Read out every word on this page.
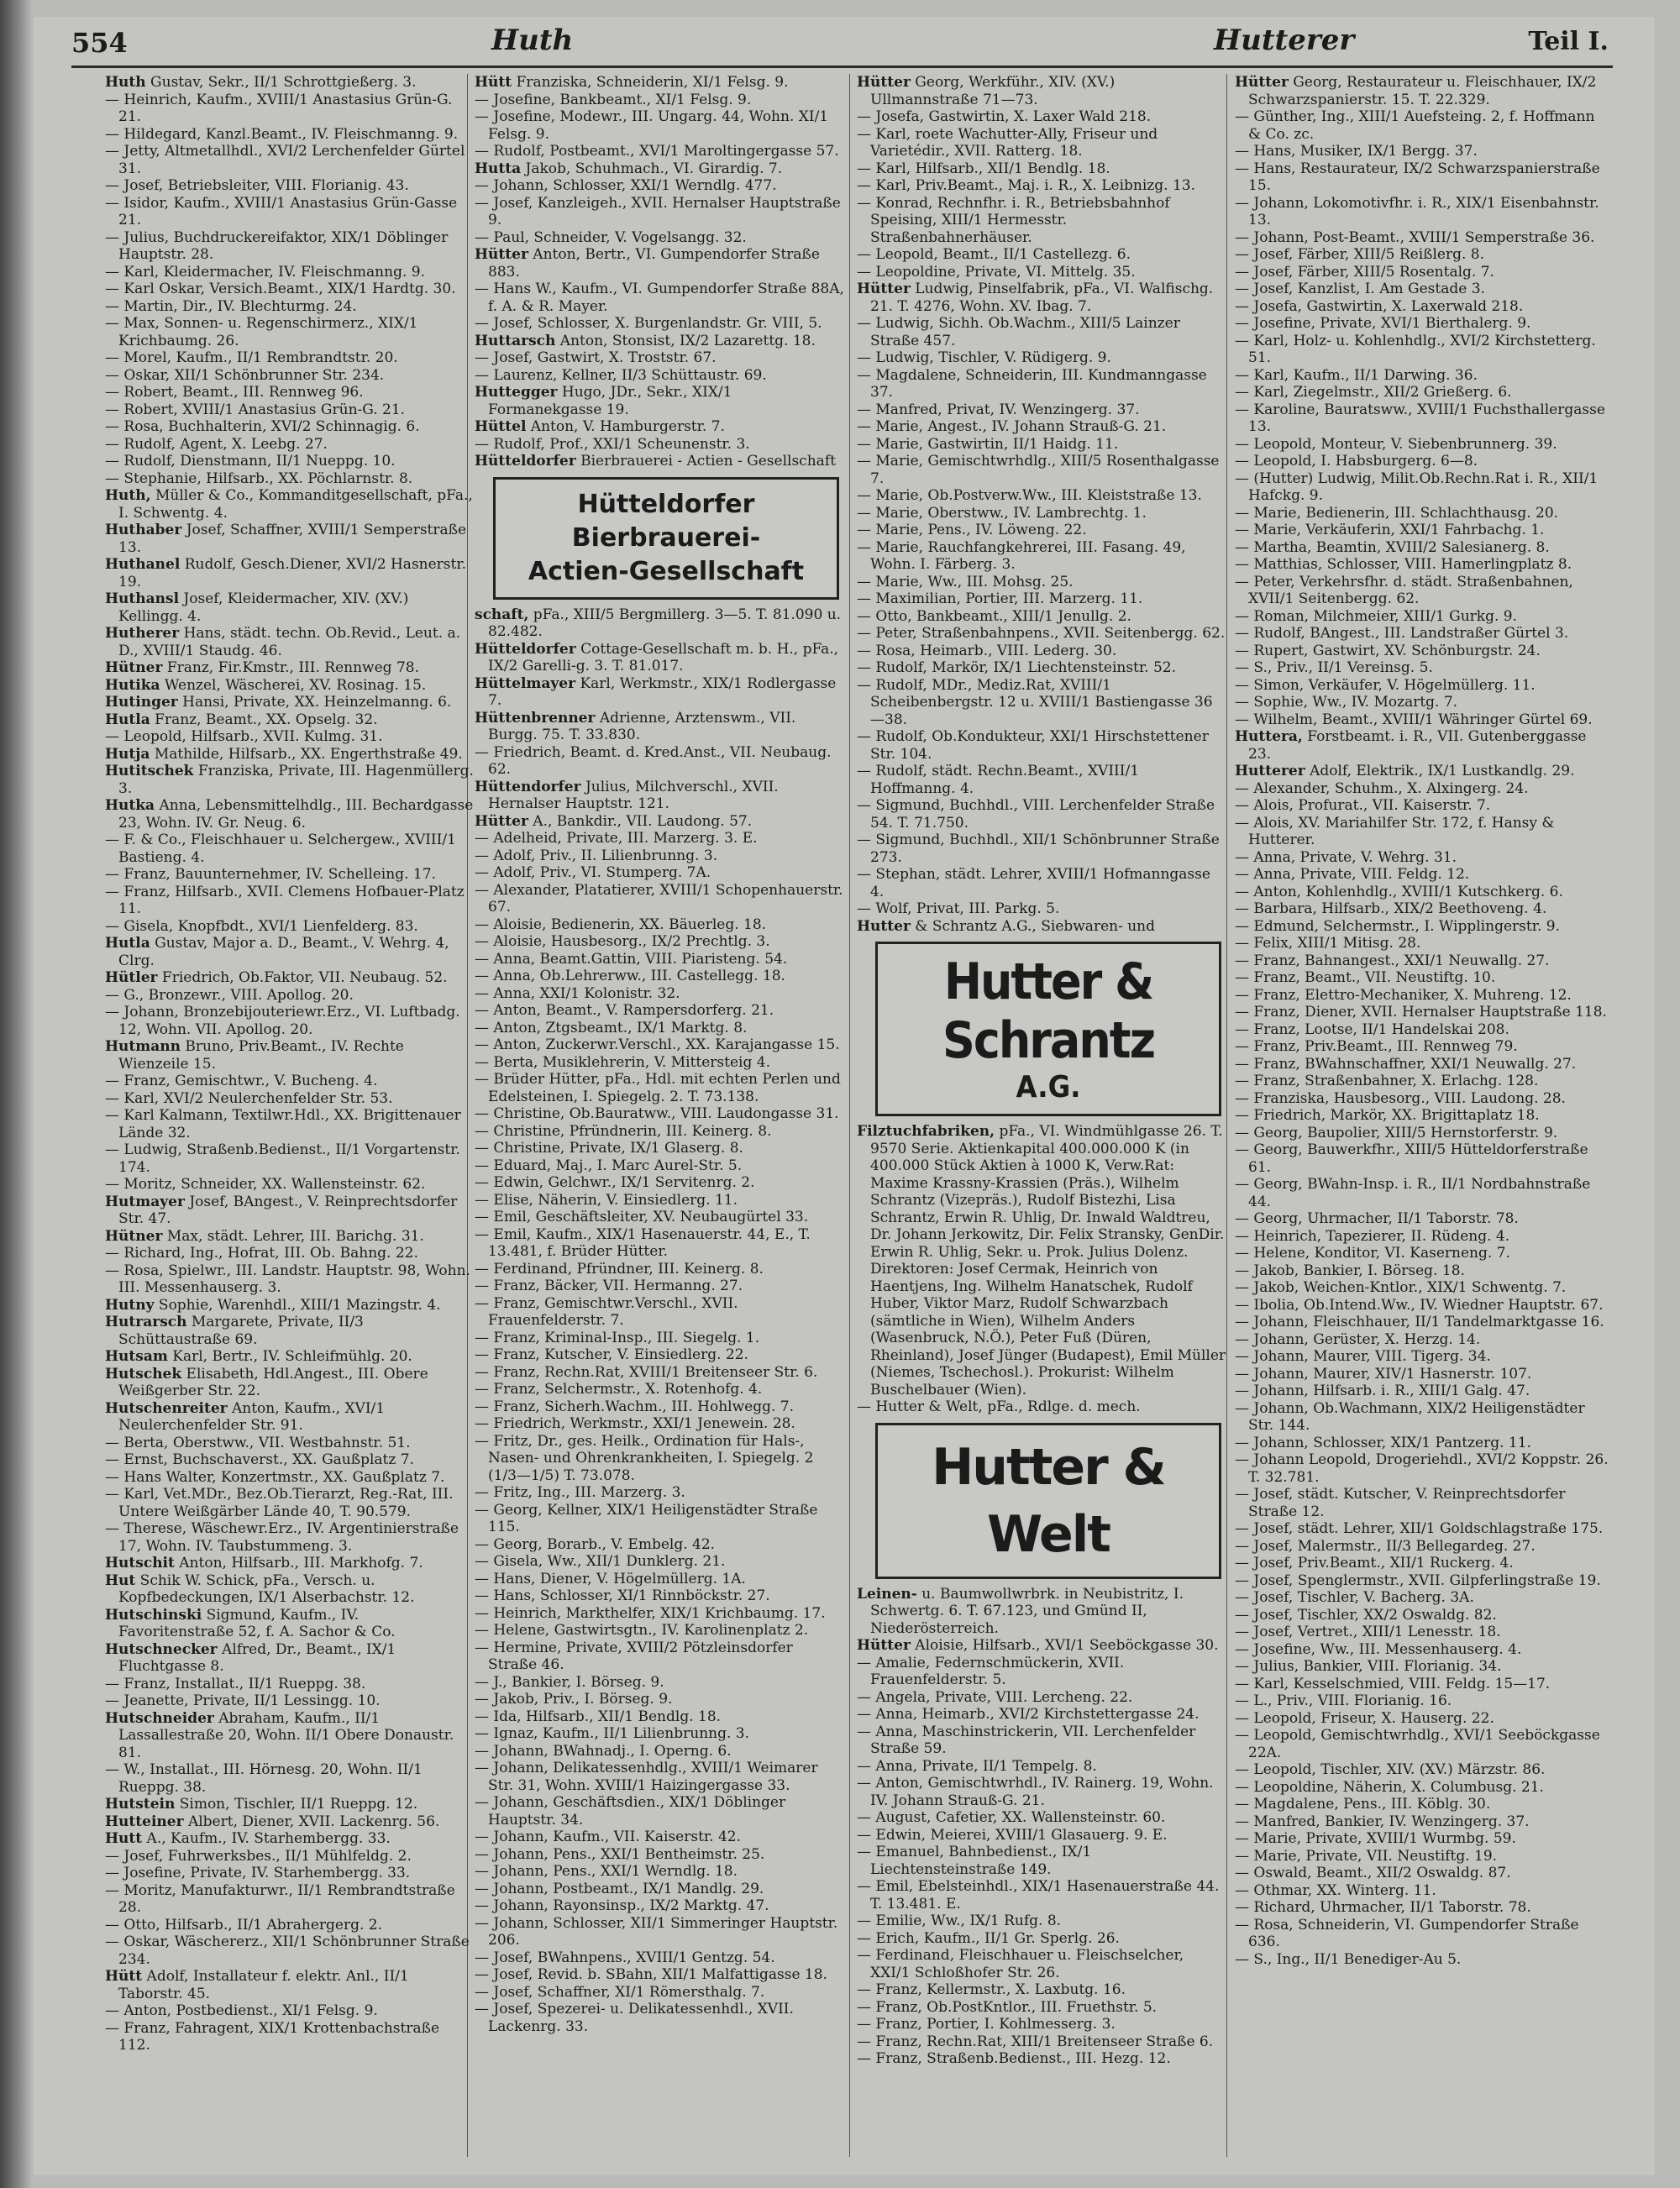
554	Huth	Hutterer	Teil I.

Huth Gustav, Sekr., II/1 Schrottgießerg. 3.

— Heinrich, Kaufm., XVIII/1 Anastasius Grün-G. 21.

— Hildegard, Kanzl.Beamt., IV. Fleischmanng. 9.

— Jetty, Altmetallhdl., XVI/2 Lerchenfelder Gürtel 31.

— Josef, Betriebsleiter, VIII. Florianig. 43.

— Isidor, Kaufm., XVIII/1 Anastasius Grün-Gasse 21.

— Julius, Buchdruckereifaktor, XIX/1 Döblinger Hauptstr. 28.

— Karl, Kleidermacher, IV. Fleischmanng. 9.

— Karl Oskar, Versich.Beamt., XIX/1 Hardtg. 30.

— Martin, Dir., IV. Blechturmg. 24.

— Max, Sonnen- u. Regenschirmerz., XIX/1 Krichbaumg. 26.

— Morel, Kaufm., II/1 Rembrandtstr. 20.

— Oskar, XII/1 Schönbrunner Str. 234.

— Robert, Beamt., III. Rennweg 96.

— Robert, XVIII/1 Anastasius Grün-G. 21.

— Rosa, Buchhalterin, XVI/2 Schinnagig. 6.

— Rudolf, Agent, X. Leebg. 27.

— Rudolf, Dienstmann, II/1 Nueppg. 10.

— Stephanie, Hilfsarb., XX. Pöchlarnstr. 8.

Huth, Müller & Co., Kommanditgesellschaft, pFa., I. Schwentg. 4.

Huthaber Josef, Schaffner, XVIII/1 Semperstraße 13.

Huthanel Rudolf, Gesch.Diener, XVI/2 Hasnerstr. 19.

Huthansl Josef, Kleidermacher, XIV. (XV.) Kellingg. 4.

Hutherer Hans, städt. techn. Ob.Revid., Leut. a. D., XVIII/1 Staudg. 46.

Hütner Franz, Fir.Kmstr., III. Rennweg 78.

Hutika Wenzel, Wäscherei, XV. Rosinag. 15.

Hutinger Hansi, Private, XX. Heinzelmanng. 6.

Hutla Franz, Beamt., XX. Opselg. 32.

— Leopold, Hilfsarb., XVII. Kulmg. 31.

Hutja Mathilde, Hilfsarb., XX. Engerthstraße 49.

Hutitschek Franziska, Private, III. Hagenmüllerg. 3.

Hutka Anna, Lebensmittelhdlg., III. Bechardgasse 23, Wohn. IV. Gr. Neug. 6.

— F. & Co., Fleischhauer u. Selchergew., XVIII/1 Bastieng. 4.

— Franz, Bauunternehmer, IV. Schelleing. 17.

— Franz, Hilfsarb., XVII. Clemens Hofbauer-Platz 11.

— Gisela, Knopfbdt., XVI/1 Lienfelderg. 83.

Hutla Gustav, Major a. D., Beamt., V. Wehrg. 4, Clrg.

Hütler Friedrich, Ob.Faktor, VII. Neubaug. 52.

— G., Bronzewr., VIII. Apollog. 20.

— Johann, Bronzebijouteriewr.Erz., VI. Luftbadg. 12, Wohn. VII. Apollog. 20.

Hutmann Bruno, Priv.Beamt., IV. Rechte Wienzeile 15.

— Franz, Gemischtwr., V. Bucheng. 4.

— Karl, XVI/2 Neulerchenfelder Str. 53.

— Karl Kalmann, Textilwr.Hdl., XX. Brigittenauer Lände 32.

— Ludwig, Straßenb.Bedienst., II/1 Vorgartenstr. 174.

— Moritz, Schneider, XX. Wallensteinstr. 62.

Hutmayer Josef, BAngest., V. Reinprechtsdorfer Str. 47.

Hütner Max, städt. Lehrer, III. Barichg. 31.

— Richard, Ing., Hofrat, III. Ob. Bahng. 22.

— Rosa, Spielwr., III. Landstr. Hauptstr. 98, Wohn. III. Messenhauserg. 3.

Hutny Sophie, Warenhdl., XIII/1 Mazingstr. 4.

Hutrarsch Margarete, Private, II/3 Schüttaustraße 69.

Hutsam Karl, Bertr., IV. Schleifmühlg. 20.

Hutschek Elisabeth, Hdl.Angest., III. Obere Weißgerber Str. 22.

Hutschenreiter Anton, Kaufm., XVI/1 Neulerchenfelder Str. 91.

— Berta, Oberstww., VII. Westbahnstr. 51.

— Ernst, Buchschaverst., XX. Gaußplatz 7.

— Hans Walter, Konzertmstr., XX. Gaußplatz 7.

— Karl, Vet.MDr., Bez.Ob.Tierarzt, Reg.-Rat, III. Untere Weißgärber Lände 40, T. 90.579.

— Therese, Wäschewr.Erz., IV. Argentinierstraße 17, Wohn. IV. Taubstummeng. 3.

Hutschit Anton, Hilfsarb., III. Markhofg. 7.

Hut Schik W. Schick, pFa., Versch. u. Kopfbedeckungen, IX/1 Alserbachstr. 12.

Hutschinski Sigmund, Kaufm., IV. Favoritenstraße 52, f. A. Sachor & Co.

Hutschnecker Alfred, Dr., Beamt., IX/1 Fluchtgasse 8.

— Franz, Installat., II/1 Rueppg. 38.

— Jeanette, Private, II/1 Lessingg. 10.

Hutschneider Abraham, Kaufm., II/1 Lassallestraße 20, Wohn. II/1 Obere Donaustr. 81.

— W., Installat., III. Hörnesg. 20, Wohn. II/1 Rueppg. 38.

Hutstein Simon, Tischler, II/1 Rueppg. 12.

Hutteiner Albert, Diener, XVII. Lackenrg. 56.

Hutt A., Kaufm., IV. Starhembergg. 33.

— Josef, Fuhrwerksbes., II/1 Mühlfeldg. 2.

— Josefine, Private, IV. Starhembergg. 33.

— Moritz, Manufakturwr., II/1 Rembrandtstraße 28.

— Otto, Hilfsarb., II/1 Abrahergerg. 2.

— Oskar, Wäschererz., XII/1 Schönbrunner Straße 234.

Hütt Adolf, Installateur f. elektr. Anl., II/1 Taborstr. 45.

— Anton, Postbedienst., XI/1 Felsg. 9.

— Franz, Fahragent, XIX/1 Krottenbachstraße 112.

Hütt Franziska, Schneiderin, XI/1 Felsg. 9.

— Josefine, Bankbeamt., XI/1 Felsg. 9.

— Josefine, Modewr., III. Ungarg. 44, Wohn. XI/1 Felsg. 9.

— Rudolf, Postbeamt., XVI/1 Maroltingergasse 57.

Hutta Jakob, Schuhmach., VI. Girardig. 7.

— Johann, Schlosser, XXI/1 Werndlg. 477.

— Josef, Kanzleigeh., XVII. Hernalser Hauptstraße 9.

— Paul, Schneider, V. Vogelsangg. 32.

Hütter Anton, Bertr., VI. Gumpendorfer Straße 883.

— Hans W., Kaufm., VI. Gumpendorfer Straße 88A, f. A. & R. Mayer.

— Josef, Schlosser, X. Burgenlandstr. Gr. VIII, 5.

Huttarsch Anton, Stonsist, IX/2 Lazarettg. 18.

— Josef, Gastwirt, X. Troststr. 67.

— Laurenz, Kellner, II/3 Schüttaustr. 69.

Huttegger Hugo, JDr., Sekr., XIX/1 Formanekgasse 19.

Hüttel Anton, V. Hamburgerstr. 7.

— Rudolf, Prof., XXI/1 Scheunenstr. 3.

Hütteldorfer Bierbrauerei - Actien - Gesellschaft

Hütteldorfer Bierbrauerei-
Actien-Gesellschaft

schaft, pFa., XIII/5 Bergmillerg. 3—5. T. 81.090 u. 82.482.

Hütteldorfer Cottage-Gesellschaft m. b. H., pFa., IX/2 Garelli-g. 3. T. 81.017.

Hüttelmayer Karl, Werkmstr., XIX/1 Rodlergasse 7.

Hüttenbrenner Adrienne, Arztenswm., VII. Burgg. 75. T. 33.830.

— Friedrich, Beamt. d. Kred.Anst., VII. Neubaug. 62.

Hüttendorfer Julius, Milchverschl., XVII. Hernalser Hauptstr. 121.

Hütter A., Bankdir., VII. Laudong. 57.

— Adelheid, Private, III. Marzerg. 3. E.

— Adolf, Priv., II. Lilienbrunng. 3.

— Adolf, Priv., VI. Stumperg. 7A.

— Alexander, Platatierer, XVIII/1 Schopenhauerstr. 67.

— Aloisie, Bedienerin, XX. Bäuerleg. 18.

— Aloisie, Hausbesorg., IX/2 Prechtlg. 3.

— Anna, Beamt.Gattin, VIII. Piaristeng. 54.

— Anna, Ob.Lehrerww., III. Castellegg. 18.

— Anna, XXI/1 Kolonistr. 32.

— Anton, Beamt., V. Rampersdorferg. 21.

— Anton, Ztgsbeamt., IX/1 Marktg. 8.

— Anton, Zuckerwr.Verschl., XX. Karajangasse 15.

— Berta, Musiklehrerin, V. Mittersteig 4.

— Brüder Hütter, pFa., Hdl. mit echten Perlen und Edelsteinen, I. Spiegelg. 2. T. 73.138.

— Christine, Ob.Bauratww., VIII. Laudongasse 31.

— Christine, Pfründnerin, III. Keinerg. 8.

— Christine, Private, IX/1 Glaserg. 8.

— Eduard, Maj., I. Marc Aurel-Str. 5.

— Edwin, Gelchwr., IX/1 Servitenrg. 2.

— Elise, Näherin, V. Einsiedlerg. 11.

— Emil, Geschäftsleiter, XV. Neubaugürtel 33.

— Emil, Kaufm., XIX/1 Hasenauerstr. 44, E., T. 13.481, f. Brüder Hütter.

— Ferdinand, Pfründner, III. Keinerg. 8.

— Franz, Bäcker, VII. Hermanng. 27.

— Franz, Gemischtwr.Verschl., XVII. Frauenfelderstr. 7.

— Franz, Kriminal-Insp., III. Siegelg. 1.

— Franz, Kutscher, V. Einsiedlerg. 22.

— Franz, Rechn.Rat, XVIII/1 Breitenseer Str. 6.

— Franz, Selchermstr., X. Rotenhofg. 4.

— Franz, Sicherh.Wachm., III. Hohlwegg. 7.

— Friedrich, Werkmstr., XXI/1 Jenewein. 28.

— Fritz, Dr., ges. Heilk., Ordination für Hals-, Nasen- und Ohrenkrankheiten, I. Spiegelg. 2 (1/3—1/5) T. 73.078.

— Fritz, Ing., III. Marzerg. 3.

— Georg, Kellner, XIX/1 Heiligenstädter Straße 115.

— Georg, Borarb., V. Embelg. 42.

— Gisela, Ww., XII/1 Dunklerg. 21.

— Hans, Diener, V. Högelmüllerg. 1A.

— Hans, Schlosser, XI/1 Rinnböckstr. 27.

— Heinrich, Markthelfer, XIX/1 Krichbaumg. 17.

— Helene, Gastwirtsgtn., IV. Karolinenplatz 2.

— Hermine, Private, XVIII/2 Pötzleinsdorfer Straße 46.

— J., Bankier, I. Börseg. 9.

— Jakob, Priv., I. Börseg. 9.

— Ida, Hilfsarb., XII/1 Bendlg. 18.

— Ignaz, Kaufm., II/1 Lilienbrunng. 3.

— Johann, BWahnadj., I. Operng. 6.

— Johann, Delikatessenhdlg., XVIII/1 Weimarer Str. 31, Wohn. XVIII/1 Haizingergasse 33.

— Johann, Geschäftsdien., XIX/1 Döblinger Hauptstr. 34.

— Johann, Kaufm., VII. Kaiserstr. 42.

— Johann, Pens., XXI/1 Bentheimstr. 25.

— Johann, Pens., XXI/1 Werndlg. 18.

— Johann, Postbeamt., IX/1 Mandlg. 29.

— Johann, Rayonsinsp., IX/2 Marktg. 47.

— Johann, Schlosser, XII/1 Simmeringer Hauptstr. 206.

— Josef, BWahnpens., XVIII/1 Gentzg. 54.

— Josef, Revid. b. SBahn, XII/1 Malfattigasse 18.

— Josef, Schaffner, XI/1 Römersthalg. 7.

— Josef, Spezerei- u. Delikatessenhdl., XVII. Lackenrg. 33.

Hütter Georg, Werkführ., XIV. (XV.) Ullmannstraße 71—73.

— Josefa, Gastwirtin, X. Laxer Wald 218.

— Karl, roete Wachutter-Ally, Friseur und Varietédir., XVII. Ratterg. 18.

— Karl, Hilfsarb., XII/1 Bendlg. 18.

— Karl, Priv.Beamt., Maj. i. R., X. Leibnizg. 13.

— Konrad, Rechnfhr. i. R., Betriebsbahnhof Speising, XIII/1 Hermesstr. Straßenbahnerhäuser.

— Leopold, Beamt., II/1 Castellezg. 6.

— Leopoldine, Private, VI. Mittelg. 35.

Hütter Ludwig, Pinselfabrik, pFa., VI. Walfischg. 21. T. 4276, Wohn. XV. Ibag. 7.

— Ludwig, Sichh. Ob.Wachm., XIII/5 Lainzer Straße 457.

— Ludwig, Tischler, V. Rüdigerg. 9.

— Magdalene, Schneiderin, III. Kundmanngasse 37.

— Manfred, Privat, IV. Wenzingerg. 37.

— Marie, Angest., IV. Johann Strauß-G. 21.

— Marie, Gastwirtin, II/1 Haidg. 11.

— Marie, Gemischtwrhdlg., XIII/5 Rosenthalgasse 7.

— Marie, Ob.Postverw.Ww., III. Kleiststraße 13.

— Marie, Oberstww., IV. Lambrechtg. 1.

— Marie, Pens., IV. Löweng. 22.

— Marie, Rauchfangkehrerei, III. Fasang. 49, Wohn. I. Färberg. 3.

— Marie, Ww., III. Mohsg. 25.

— Maximilian, Portier, III. Marzerg. 11.

— Otto, Bankbeamt., XIII/1 Jenullg. 2.

— Peter, Straßenbahnpens., XVII. Seitenbergg. 62.

— Rosa, Heimarb., VIII. Lederg. 30.

— Rudolf, Markör, IX/1 Liechtensteinstr. 52.

— Rudolf, MDr., Mediz.Rat, XVIII/1 Scheibenbergstr. 12 u. XVIII/1 Bastiengasse 36—38.

— Rudolf, Ob.Kondukteur, XXI/1 Hirschstettener Str. 104.

— Rudolf, städt. Rechn.Beamt., XVIII/1 Hoffmanng. 4.

— Sigmund, Buchhdl., VIII. Lerchenfelder Straße 54. T. 71.750.

— Sigmund, Buchhdl., XII/1 Schönbrunner Straße 273.

— Stephan, städt. Lehrer, XVIII/1 Hofmanngasse 4.

— Wolf, Privat, III. Parkg. 5.

Hutter & Schrantz A.G., Siebwaren- und

Hutter & Schrantz
A.G.

Filztuchfabriken, pFa., VI. Windmühlgasse 26. T. 9570 Serie. Aktienkapital 400.000.000 K (in 400.000 Stück Aktien à 1000 K, Verw.Rat: Maxime Krassny-Krassien (Präs.), Wilhelm Schrantz (Vizepräs.), Rudolf Bistezhi, Lisa Schrantz, Erwin R. Uhlig, Dr. Inwald Waldtreu, Dr. Johann Jerkowitz, Dir. Felix Stransky, GenDir. Erwin R. Uhlig, Sekr. u. Prok. Julius Dolenz. Direktoren: Josef Cermak, Heinrich von Haentjens, Ing. Wilhelm Hanatschek, Rudolf Huber, Viktor Marz, Rudolf Schwarzbach (sämtliche in Wien), Wilhelm Anders (Wasenbruck, N.Ö.), Peter Fuß (Düren, Rheinland), Josef Jünger (Budapest), Emil Müller (Niemes, Tschechosl.). Prokurist: Wilhelm Buschelbauer (Wien).

— Hutter & Welt, pFa., Rdlge. d. mech.

Hutter & Welt

Leinen- u. Baumwollwrbrk. in Neubistritz, I. Schwertg. 6. T. 67.123, und Gmünd II, Niederösterreich.

Hütter Aloisie, Hilfsarb., XVI/1 Seeböckgasse 30.

— Amalie, Federnschmückerin, XVII. Frauenfelderstr. 5.

— Angela, Private, VIII. Lercheng. 22.

— Anna, Heimarb., XVI/2 Kirchstettergasse 24.

— Anna, Maschinstrickerin, VII. Lerchenfelder Straße 59.

— Anna, Private, II/1 Tempelg. 8.

— Anton, Gemischtwrhdl., IV. Rainerg. 19, Wohn. IV. Johann Strauß-G. 21.

— August, Cafetier, XX. Wallensteinstr. 60.

— Edwin, Meierei, XVIII/1 Glasauerg. 9. E.

— Emanuel, Bahnbedienst., IX/1 Liechtensteinstraße 149.

— Emil, Ebelsteinhdl., XIX/1 Hasenauerstraße 44. T. 13.481. E.

— Emilie, Ww., IX/1 Rufg. 8.

— Erich, Kaufm., II/1 Gr. Sperlg. 26.

— Ferdinand, Fleischhauer u. Fleischselcher, XXI/1 Schloßhofer Str. 26.

— Franz, Kellermstr., X. Laxbutg. 16.

— Franz, Ob.PostKntlor., III. Fruethstr. 5.

— Franz, Portier, I. Kohlmesserg. 3.

— Franz, Rechn.Rat, XIII/1 Breitenseer Straße 6.

— Franz, Straßenb.Bedienst., III. Hezg. 12.

Hütter Georg, Restaurateur u. Fleischhauer, IX/2 Schwarzspanierstr. 15. T. 22.329.

— Günther, Ing., XIII/1 Auefsteing. 2, f. Hoffmann & Co. zc.

— Hans, Musiker, IX/1 Bergg. 37.

— Hans, Restaurateur, IX/2 Schwarzspanierstraße 15.

— Johann, Lokomotivfhr. i. R., XIX/1 Eisenbahnstr. 13.

— Johann, Post-Beamt., XVIII/1 Semperstraße 36.

— Josef, Färber, XIII/5 Reißlerg. 8.

— Josef, Färber, XIII/5 Rosentalg. 7.

— Josef, Kanzlist, I. Am Gestade 3.

— Josefa, Gastwirtin, X. Laxerwald 218.

— Josefine, Private, XVI/1 Bierthalerg. 9.

— Karl, Holz- u. Kohlenhdlg., XVI/2 Kirchstetterg. 51.

— Karl, Kaufm., II/1 Darwing. 36.

— Karl, Ziegelmstr., XII/2 Grießerg. 6.

— Karoline, Bauratsww., XVIII/1 Fuchsthallergasse 13.

— Leopold, Monteur, V. Siebenbrunnerg. 39.

— Leopold, I. Habsburgerg. 6—8.

— (Hutter) Ludwig, Milit.Ob.Rechn.Rat i. R., XII/1 Hafckg. 9.

— Marie, Bedienerin, III. Schlachthausg. 20.

— Marie, Verkäuferin, XXI/1 Fahrbachg. 1.

— Martha, Beamtin, XVIII/2 Salesianerg. 8.

— Matthias, Schlosser, VIII. Hamerlingplatz 8.

— Peter, Verkehrsfhr. d. städt. Straßenbahnen, XVII/1 Seitenbergg. 62.

— Roman, Milchmeier, XIII/1 Gurkg. 9.

— Rudolf, BAngest., III. Landstraßer Gürtel 3.

— Rupert, Gastwirt, XV. Schönburgstr. 24.

— S., Priv., II/1 Vereinsg. 5.

— Simon, Verkäufer, V. Högelmüllerg. 11.

— Sophie, Ww., IV. Mozartg. 7.

— Wilhelm, Beamt., XVIII/1 Währinger Gürtel 69.

Huttera, Forstbeamt. i. R., VII. Gutenberggasse 23.

Hutterer Adolf, Elektrik., IX/1 Lustkandlg. 29.

— Alexander, Schuhm., X. Alxingerg. 24.

— Alois, Profurat., VII. Kaiserstr. 7.

— Alois, XV. Mariahilfer Str. 172, f. Hansy & Hutterer.

— Anna, Private, V. Wehrg. 31.

— Anna, Private, VIII. Feldg. 12.

— Anton, Kohlenhdlg., XVIII/1 Kutschkerg. 6.

— Barbara, Hilfsarb., XIX/2 Beethoveng. 4.

— Edmund, Selchermstr., I. Wipplingerstr. 9.

— Felix, XIII/1 Mitisg. 28.

— Franz, Bahnangest., XXI/1 Neuwallg. 27.

— Franz, Beamt., VII. Neustiftg. 10.

— Franz, Elettro-Mechaniker, X. Muhreng. 12.

— Franz, Diener, XVII. Hernalser Hauptstraße 118.

— Franz, Lootse, II/1 Handelskai 208.

— Franz, Priv.Beamt., III. Rennweg 79.

— Franz, BWahnschaffner, XXI/1 Neuwallg. 27.

— Franz, Straßenbahner, X. Erlachg. 128.

— Franziska, Hausbesorg., VIII. Laudong. 28.

— Friedrich, Markör, XX. Brigittaplatz 18.

— Georg, Baupolier, XIII/5 Hernstorferstr. 9.

— Georg, Bauwerkfhr., XIII/5 Hütteldorferstraße 61.

— Georg, BWahn-Insp. i. R., II/1 Nordbahnstraße 44.

— Georg, Uhrmacher, II/1 Taborstr. 78.

— Heinrich, Tapezierer, II. Rüdeng. 4.

— Helene, Konditor, VI. Kaserneng. 7.

— Jakob, Bankier, I. Börseg. 18.

— Jakob, Weichen-Kntlor., XIX/1 Schwentg. 7.

— Ibolia, Ob.Intend.Ww., IV. Wiedner Hauptstr. 67.

— Johann, Fleischhauer, II/1 Tandelmarktgasse 16.

— Johann, Gerüster, X. Herzg. 14.

— Johann, Maurer, VIII. Tigerg. 34.

— Johann, Maurer, XIV/1 Hasnerstr. 107.

— Johann, Hilfsarb. i. R., XIII/1 Galg. 47.

— Johann, Ob.Wachmann, XIX/2 Heiligenstädter Str. 144.

— Johann, Schlosser, XIX/1 Pantzerg. 11.

— Johann Leopold, Drogeriehdl., XVI/2 Koppstr. 26. T. 32.781.

— Josef, städt. Kutscher, V. Reinprechtsdorfer Straße 12.

— Josef, städt. Lehrer, XII/1 Goldschlagstraße 175.

— Josef, Malermstr., II/3 Bellegardeg. 27.

— Josef, Priv.Beamt., XII/1 Ruckerg. 4.

— Josef, Spenglermstr., XVII. Gilpferlingstraße 19.

— Josef, Tischler, V. Bacherg. 3A.

— Josef, Tischler, XX/2 Oswaldg. 82.

— Josef, Vertret., XIII/1 Lenesstr. 18.

— Josefine, Ww., III. Messenhauserg. 4.

— Julius, Bankier, VIII. Florianig. 34.

— Karl, Kesselschmied, VIII. Feldg. 15—17.

— L., Priv., VIII. Florianig. 16.

— Leopold, Friseur, X. Hauserg. 22.

— Leopold, Gemischtwrhdlg., XVI/1 Seeböckgasse 22A.

— Leopold, Tischler, XIV. (XV.) Märzstr. 86.

— Leopoldine, Näherin, X. Columbusg. 21.

— Magdalene, Pens., III. Köblg. 30.

— Manfred, Bankier, IV. Wenzingerg. 37.

— Marie, Private, XVIII/1 Wurmbg. 59.

— Marie, Private, VII. Neustiftg. 19.

— Oswald, Beamt., XII/2 Oswaldg. 87.

— Othmar, XX. Winterg. 11.

— Richard, Uhrmacher, II/1 Taborstr. 78.

— Rosa, Schneiderin, VI. Gumpendorfer Straße 636.

— S., Ing., II/1 Benediger-Au 5.
